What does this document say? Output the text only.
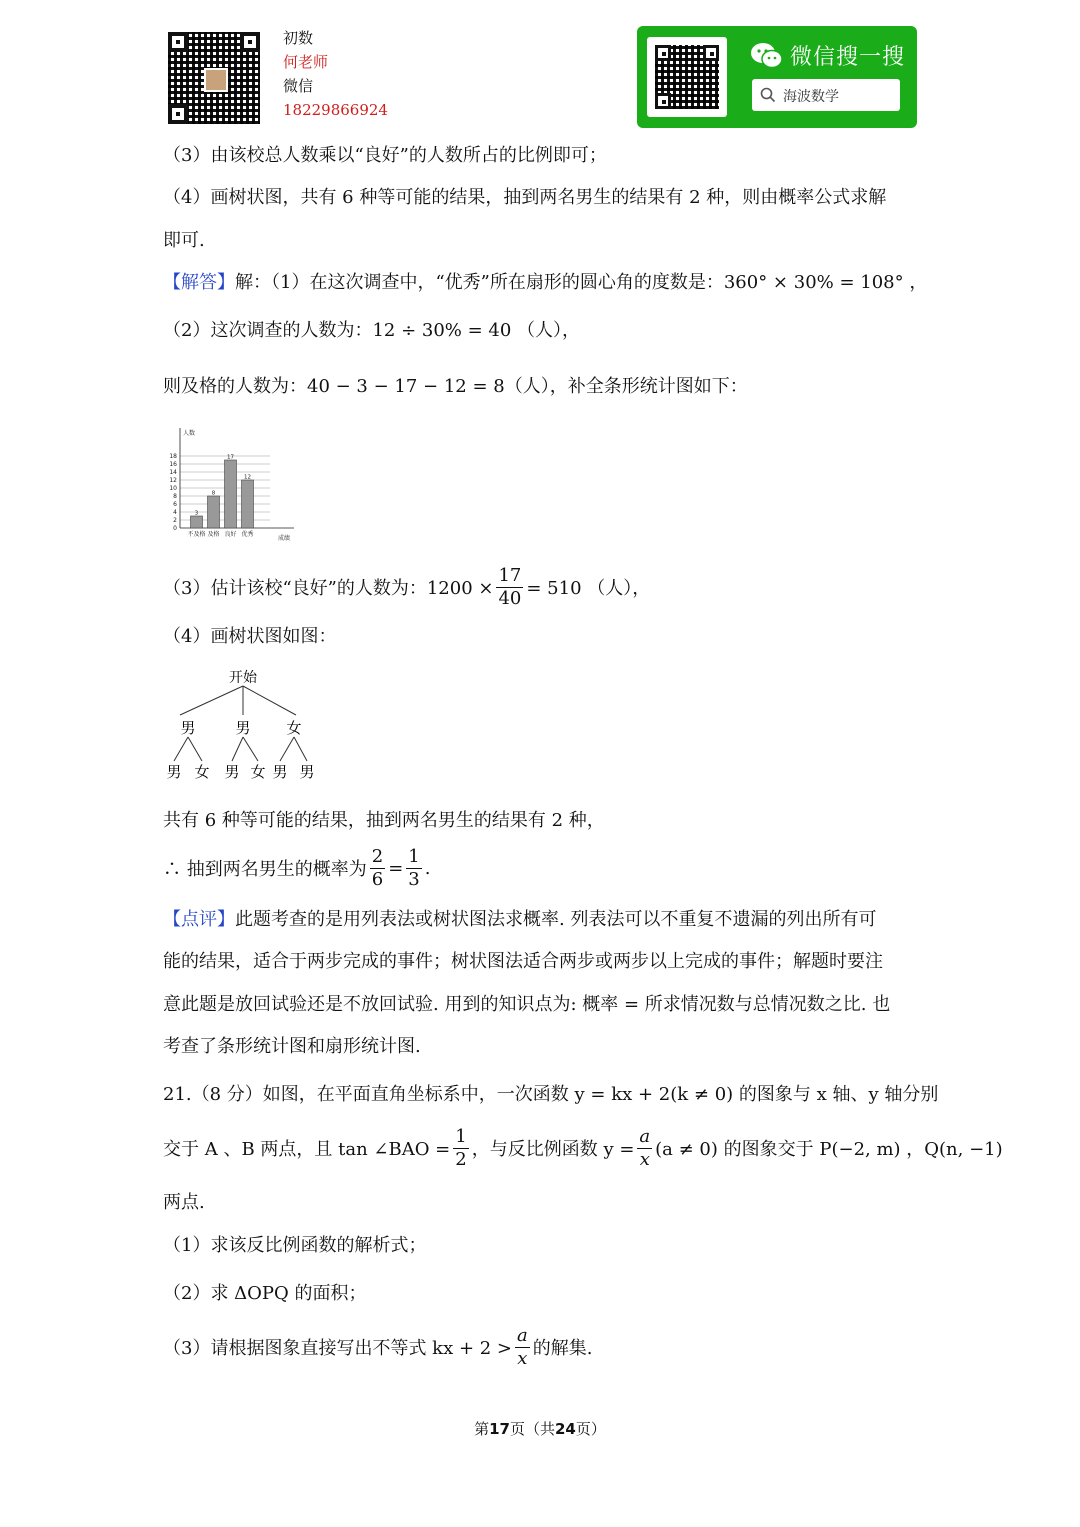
初数
何老师
微信
18229866924
微信搜一搜
海波数学
（3）由该校总人数乘以“良好”的人数所占的比例即可；
（4）画树状图，共有 6 种等可能的结果，抽到两名男生的结果有 2 种，则由概率公式求解
即可.
【解答】解：（1）在这次调查中，“优秀”所在扇形的圆心角的度数是：360° × 30% = 108° ，
（2）这次调查的人数为：12 ÷ 30% = 40 （人），
则及格的人数为：40 − 3 − 17 − 12 = 8（人），补全条形统计图如下：
0
2
4
6
8
10
12
14
16
18
人数
成绩
3
不及格
8
及格
17
良好
12
优秀
（3）估计该校“良好”的人数为：$1200 \times \frac{17}{40} = 510$ （人），
（4）画树状图如图：
开始
男	男 女
男 女 男 女 男 男
共有 6 种等可能的结果，抽到两名男生的结果有 2 种，
∴ 抽到两名男生的概率为 $\frac{2}{6} = \frac{1}{3}$ .
【点评】此题考查的是用列表法或树状图法求概率. 列表法可以不重复不遗漏的列出所有可
能的结果，适合于两步完成的事件；树状图法适合两步或两步以上完成的事件；解题时要注
意此题是放回试验还是不放回试验. 用到的知识点为: 概率 = 所求情况数与总情况数之比. 也
考查了条形统计图和扇形统计图.
21.（8 分）如图，在平面直角坐标系中，一次函数 y = kx + 2(k ≠ 0) 的图象与 x 轴、y 轴分别
交于 A 、B 两点，且 tan ∠BAO = $\frac{1}{2}$ ，与反比例函数 $y = \frac{a}{x} (a \ne 0)$ 的图象交于 P(−2, m) ，Q(n, −1)
两点.
（1）求该反比例函数的解析式；
（2）求 ΔOPQ 的面积；
（3）请根据图象直接写出不等式 kx + $2 > \frac{a}{x}$ 的解集.
第17页（共24页）
